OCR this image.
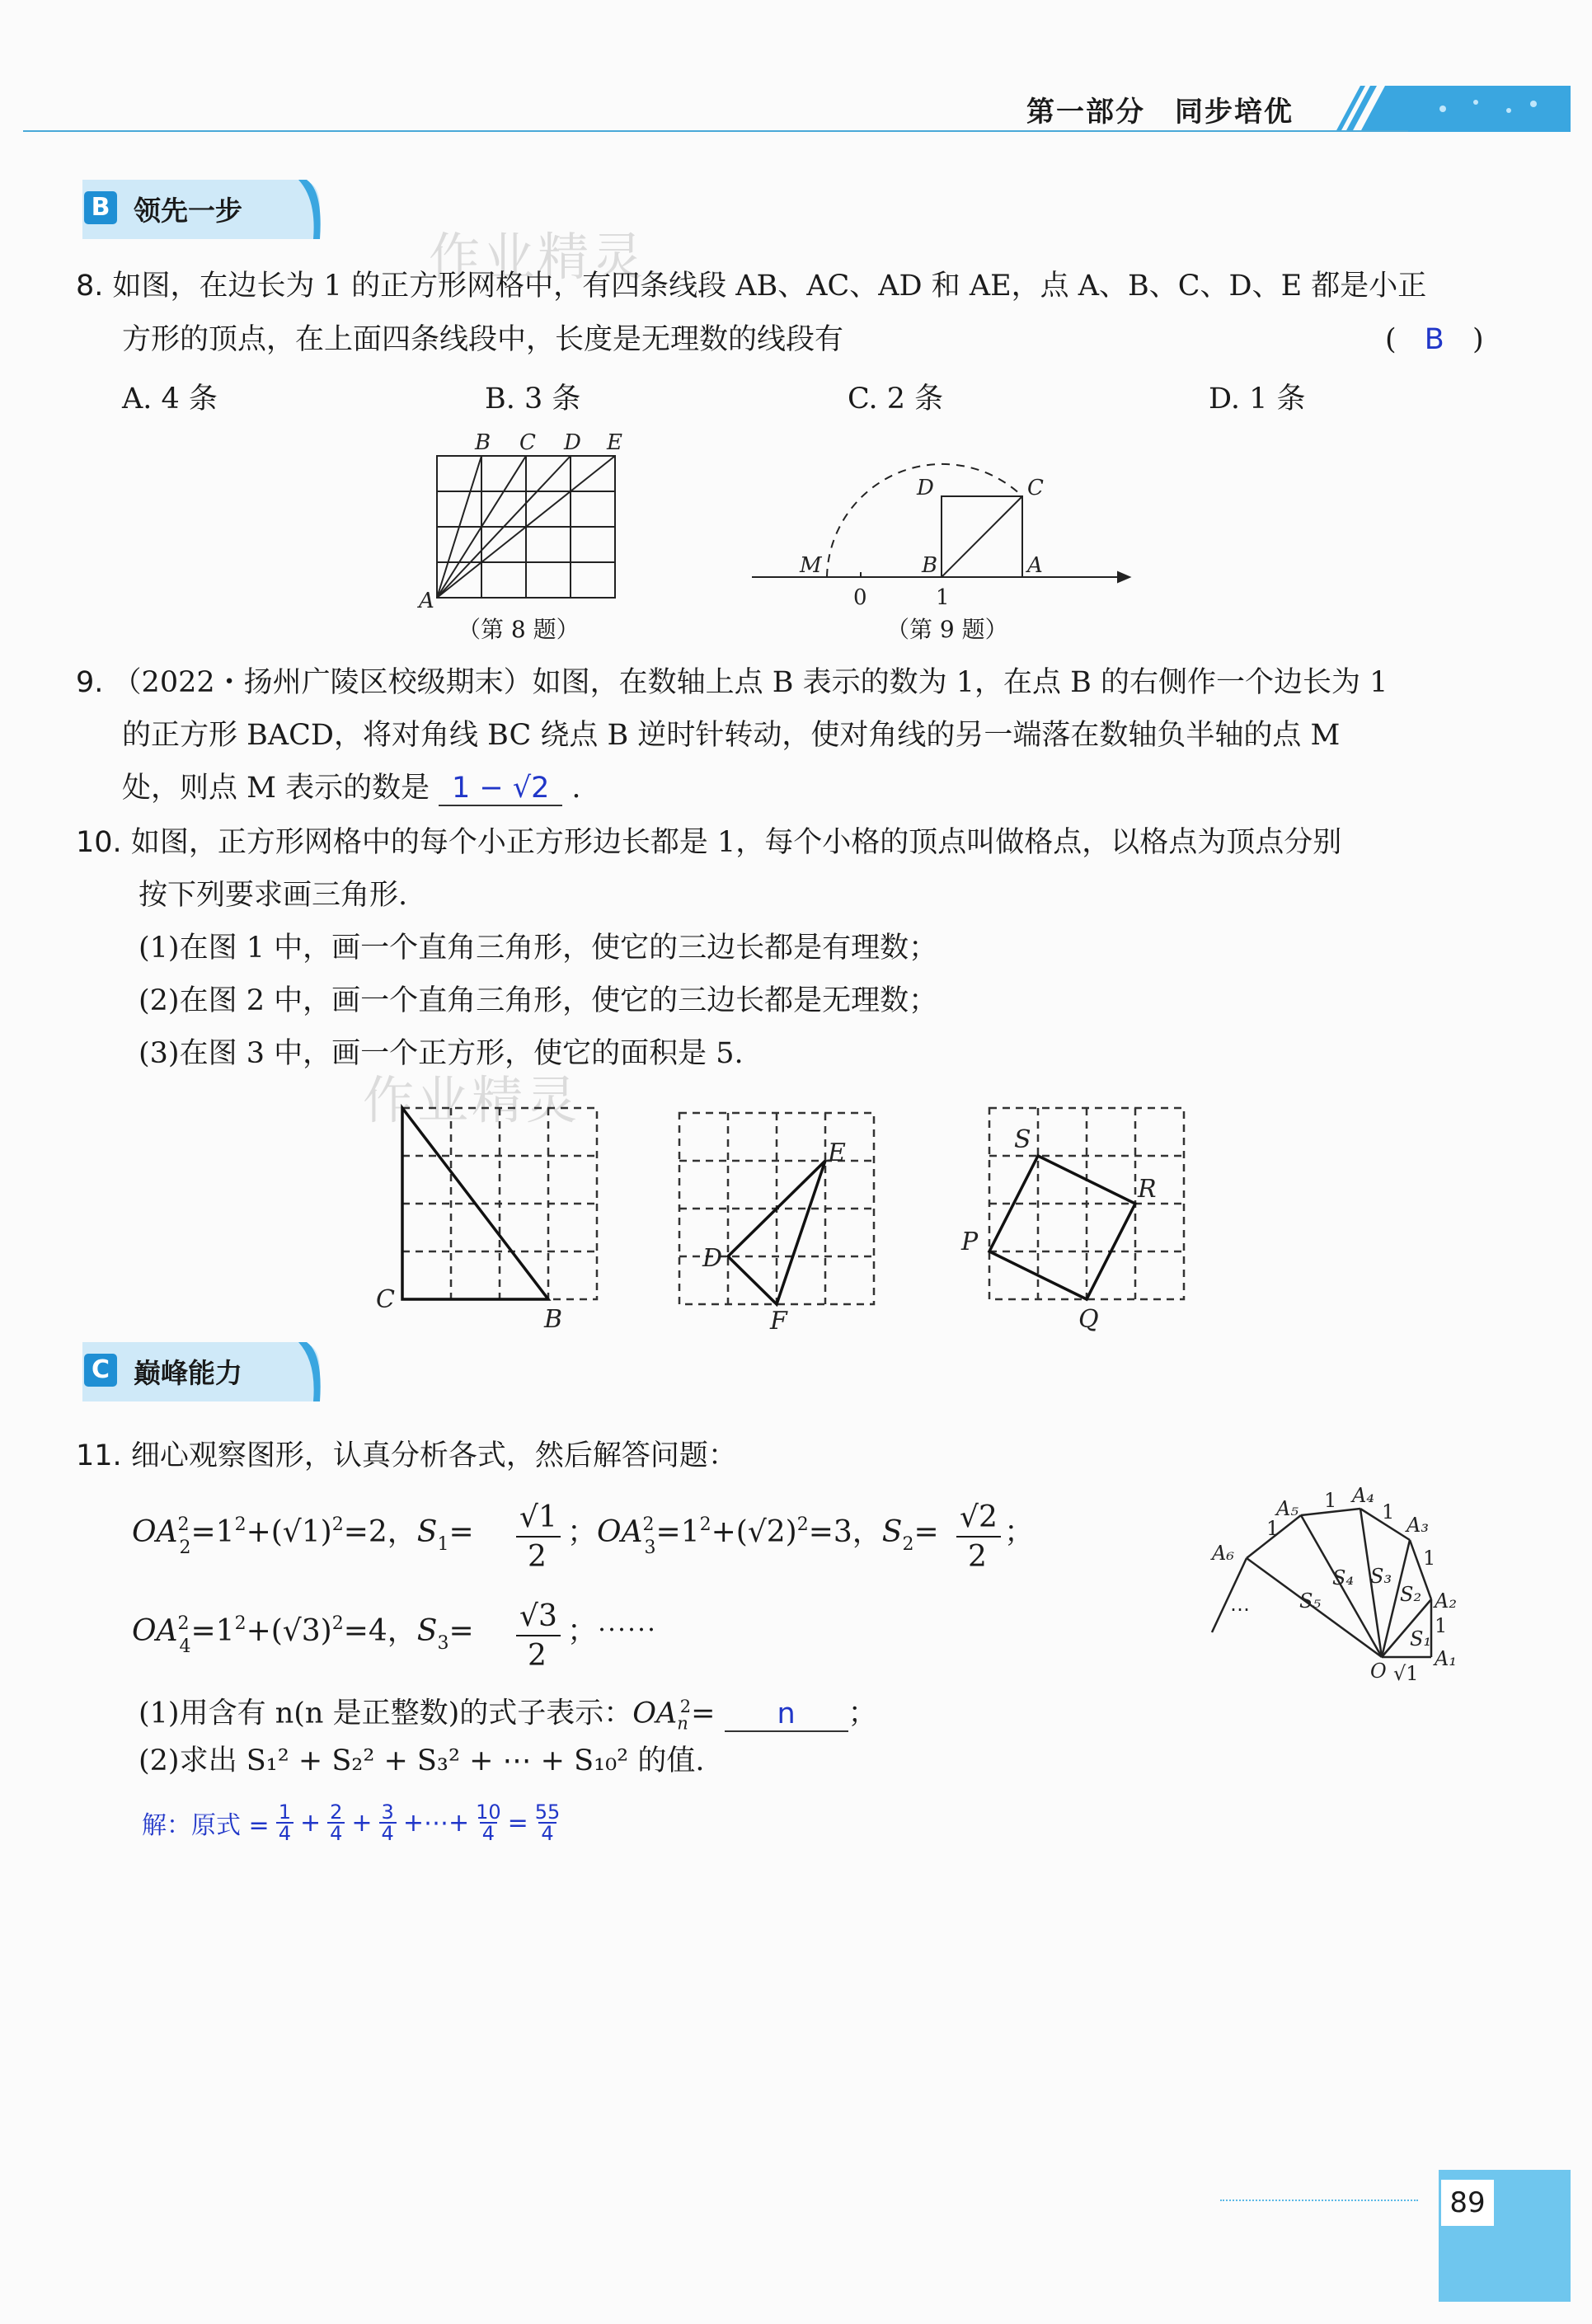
第一部分　同步培优
B 领先一步
作业精灵
8. 如图，在边长为 1 的正方形网格中，有四条线段 AB、AC、AD 和 AE，点 A、B、C、D、E 都是小正
方形的顶点，在上面四条线段中，长度是无理数的线段有	( B )
A. 4 条	B. 3 条	C. 2 条	D. 1 条
B C D E
A
（第 8 题）
M	B	A
C
D
0	1
（第 9 题）
9. （2022・扬州广陵区校级期末）如图，在数轴上点 B 表示的数为 1，在点 B 的右侧作一个边长为 1
的正方形 BACD，将对角线 BC 绕点 B 逆时针转动，使对角线的另一端落在数轴负半轴的点 M
处，则点 M 表示的数是 1 − √2 .
10. 如图，正方形网格中的每个小正方形边长都是 1，每个小格的顶点叫做格点，以格点为顶点分别
按下列要求画三角形.
(1)在图 1 中，画一个直角三角形，使它的三边长都是有理数；
(2)在图 2 中，画一个直角三角形，使它的三边长都是无理数；
(3)在图 3 中，画一个正方形，使它的面积是 5.
作业精灵
C
B
D
E
F
S
R
P
Q
C 巅峰能力
11. 细心观察图形，认真分析各式，然后解答问题：
$OA^2$ $2=1^2+(√1)^2=2$，$S_1= √1$
2
；$OA^2$ $3=1^2+(√2)^2=3$，$S_2= √2$
2
；
$OA^2$ $4=1^2+(√3)^2=4$，$S_3= √3$
2
；⋯⋯
O √1
A₁
A₂
A₃
A₄
A₅
A₆
1
1
1
1
1
S₁
S₂
S₃
S₄
S₅
⋯
(1)用含有 n(n 是正整数)的式子表示：$OA_n^2= n$ ；
(2)求出 S₁² + S₂² + S₃² + ⋯ + S₁₀² 的值.
解：原式 = $\frac{1}{4} + \frac{2}{4} + \frac{3}{4}$ +⋯+ $\frac{10}{4} = \frac{55}{4}$
89
